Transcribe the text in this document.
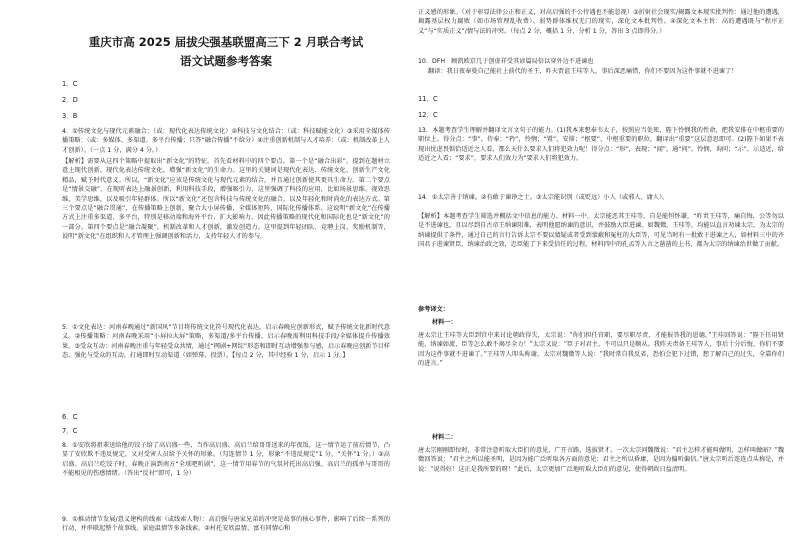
重庆市高 2025 届拔尖强基联盟高三下 2 月联合考试
语文试题参考答案
1．C
2．D
3．B
4．①传统文化与现代元素融合：（或：现代化表达传统文化）②科技与文化结合：（或：科技赋能文化）③采用全媒体传播策略：（或：多媒体、多渠道、多平台传播；只答“融合传播”不给分）④注重创新机制与人才培养：（或：机制改革上人才创新）。（一点 1 分，满分 4 分。）
【解析】需要从这四个策略中提取出“新文化”的特征。首先看材料中的四个要点。第一个是“融合出彩”，提到在题材立意上现代创新，现代化表达传统文化，增强“新文化”的生命力。这里的关键词是现代化表达、传统文化、创新生产文化精品，赋予时代意义。所以，“新文化”应该是传统文化与现代元素的结合，并且通过创新使其更具生命力。第二个要点是“情景交融”，在现听表达上融景创新，利用科技手段，增强吸引力，这里强调了科技的应用，比如场景思维、视效思维、美学思维，以及吸引年轻群体。所以“新文化”还包含科技与传统文化的融合，以及年轻化和时尚化的表达方式。第三个要点是“融合贯通”，在传播策略上创新，聚合大小屏传播，全媒体矩阵，国际化传播体系。这说明“新文化”在传播方式上注重多渠道、多平台，特别是移动端和海外平台，扩大影响力，因此传播策略的现代化和国际化也是“新文化”的一部分。第四个要点是“融合凝聚”，机制改革和人才创新，激发创造力。这里提到年轻团队、竞聘上岗、奖励机制等，说明“新文化”在组织和人才管理上强调创新和活力，支持年轻人才的参与。
5．①文化表达：河南春晚通过“新国风”节目将传统文化符号现代化表达，启示春晚应创新形式，赋予传统文化新时代意义。②传播策略：河南春晚采用“小屏拉大屏”策略，多渠道/多平台传播，启示春晚需利用科技手段/全媒体提升传播效果。③受众互动：河南春晚注重与年轻受众共情，通过“网剧+网综”形态和即时互动增强参与感，启示春晚应创新节目样态，强化与受众的互动，打通即时互动渠道（如弹幕、投票）。【每点 2 分，其中经验 1 分，启示 1 分。】
6．C
7．C
8．①安欣将祖辈送给他的饺子给了高启盛一些，当作高启盛、高启兰给哥哥送来的年夜饭，这一情节运了前后情节，凸显了安欣欺不违反规定，又对受害人员给予关怀的形象。（勾连情节 1 分，形象“不违反规定”1 分，“关怀”1 分。）②高启盛、高启兰吃饺子时，春晚正演到南方“全球吧听剧”，这一情节用春节的气氛衬托出高启强、高启兰的孤单与哥哥的不能相见的伤感情绪。（答出“反衬”即可，1 分）
9．①推动情节发展/意义建构的线索（或线索人物）：高启强与唐家兄弟的冲突是故事的核心事件，影响了后续一系列的行动，并串联起整个故事线、家庭温情等多条线索。②村托安欣温情、富有同情心和
正义感的形象。（对于彰显法律公正和正义，对高启强的不公待遇也不能忽视）③折射社会现实/揭露文本现实批判性：通过他的遭遇，揭露基层权力腐败（如市场管理乱收费）、弱势群体维权无门的现实，深化文本批判性。④深化文本主旨：高的遭遇既与“程序正义”与“实质正义”/情与法的冲突。（每点 2 分，概括 1 分，分析 1 分，答出 3 点即得分。）
10．DFH　顾凯欧京几于创虚祥受其谚篇局倍以穿外边不进谏也
翻译：我日夜奉曼自己能社上前代的圣王，昨天贾谊王珪等人，事后深恶痛惜，你们不要因为这件事就不进谏了！
11．C
12．C
13．本题考查学生理解并翻译文言文句子的能力。(1)我本来想奉韦太子，按照应当处死，陛下怜悯我的性命，把我安排在中枢重要的职位上。得分点：“事”，侍奉；“矜”，怜悯；“置”，安排；“枢要”，中枢重要的职位，翻译出“重要”这层意思即可。(2)陛下如果不表现出忧虑畏惧恰适近之人看，那么天什么要求人们将犯效力呢！得分点：“形”，表现；“闻”，通“问”，怜悯，询问；“示”，示适近，给适近之人看；“要求”，要求人们效力为“要求人们将犯效力。
14．①太宗善于纳谏。②有敢于谏诤之士。③太宗能识别（或贬远）小人（或邪人、庸人）。
【解析】本题考查学生筛选并概括文中信息的能力。材料一中，太宗能恶其王珪等，自是能恒怀谦，“昨责王珪等，痛自悔，公等勿以是不进谏也，且以尽到自古帝王纳谏阻难，表明他愿纳谏的意识，并鼓励大臣进谏。如魏徵，王珪等，均能以直言劝谏太宗，为太宗的纳谏提供了条件，通过自己的言行告诉太宗不要以猜疑或者受到蒙蔽和冤枉的大臣等，可见当时有一批敢于进谏之人，如材料三中的齐国君子进谏贤臣，纳谏治政之效，忠臣能了下来受信任的过程，材料四中的孔孟等人言之凿凿的上书，都为太宗的纳谏治世做了贡献。
参考译文：
材料一：
唐太宗让王珪等大臣到宫中来讨论朝政得失，太宗说：“你们担任官职，要尽职尽责，才能报答我的恩德。”王珪回答说：“陛下任用贤能，纳谏如流，臣等怎么敢不竭尽全力！”太宗又说：“臣子对君主，不可以只是顺从。我昨天责备王珪等人，事后十分后悔，你们不要因为这件事就不进谏了。”王珪等人叩头称谢，太宗对魏徵等人说：“我时常自我反省，恐怕会犯下过错，想了解自己的过失，全靠你们的进言。”
材料二：
唐太宗刚刚即位时，非常注意听取大臣们的意见，广开言路，选拔贤才。一次太宗问魏徵说：“君主怎样才能叫做明，怎样叫做暗？”魏徵回答说：“君主之所以能圣明，是因为能广泛听取各方面的意见；君主之所以昏庸，是因为偏听偏信。”唐太宗听后连连点头称是，并说：“说得好！这正是我所要的呀！”此后，太宗更加广泛地听取大臣们的意见，使得朝政日益清明。
